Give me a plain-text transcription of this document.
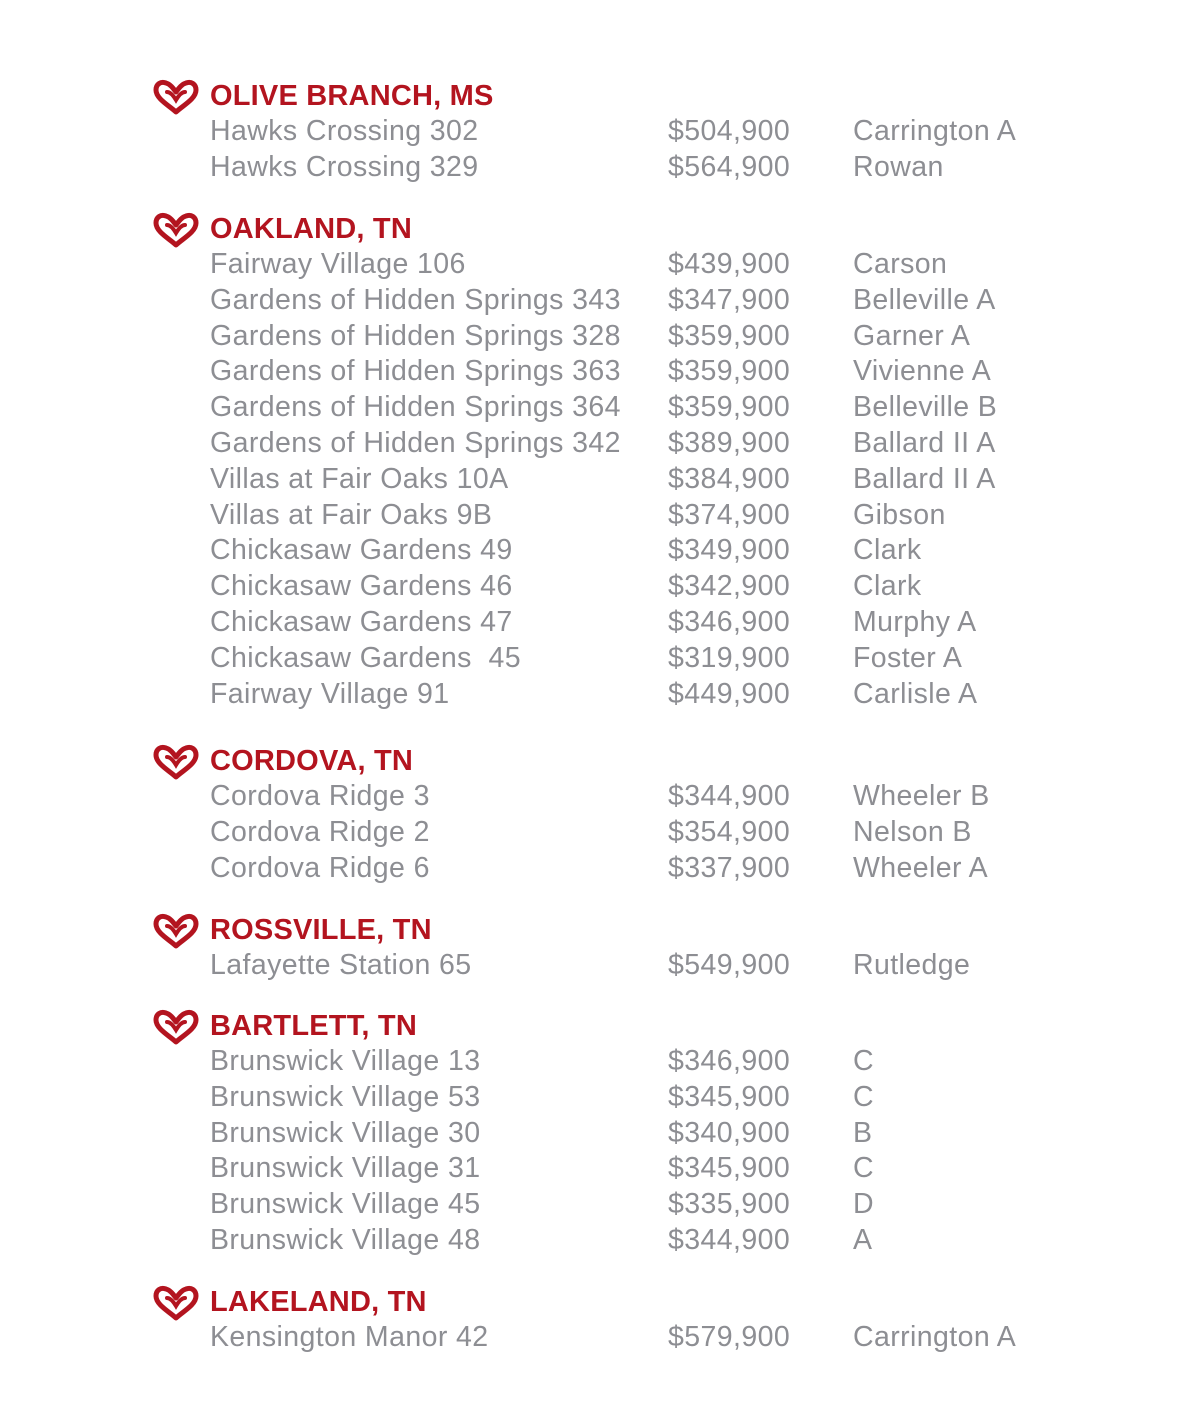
OLIVE BRANCH, MS
Hawks Crossing 302	$504,900 Carrington A
Hawks Crossing 329	$564,900 Rowan
OAKLAND, TN
Fairway Village 106	$439,900 Carson
Gardens of Hidden Springs 343 $347,900 Belleville A
Gardens of Hidden Springs 328 $359,900 Garner A
Gardens of Hidden Springs 363 $359,900 Vivienne A
Gardens of Hidden Springs 364 $359,900 Belleville B
Gardens of Hidden Springs 342 $389,900 Ballard II A
Villas at Fair Oaks 10A	$384,900 Ballard II A
Villas at Fair Oaks 9B	$374,900 Gibson
Chickasaw Gardens 49	$349,900 Clark
Chickasaw Gardens 46	$342,900 Clark
Chickasaw Gardens 47	$346,900 Murphy A
Chickasaw Gardens  45	$319,900 Foster A
Fairway Village 91	$449,900 Carlisle A
CORDOVA, TN
Cordova Ridge 3	$344,900 Wheeler B
Cordova Ridge 2	$354,900 Nelson B
Cordova Ridge 6	$337,900 Wheeler A
ROSSVILLE, TN
Lafayette Station 65	$549,900 Rutledge
BARTLETT, TN
Brunswick Village 13	$346,900 C
Brunswick Village 53	$345,900 C
Brunswick Village 30	$340,900 B
Brunswick Village 31	$345,900 C
Brunswick Village 45	$335,900 D
Brunswick Village 48	$344,900 A
LAKELAND, TN
Kensington Manor 42	$579,900 Carrington A
